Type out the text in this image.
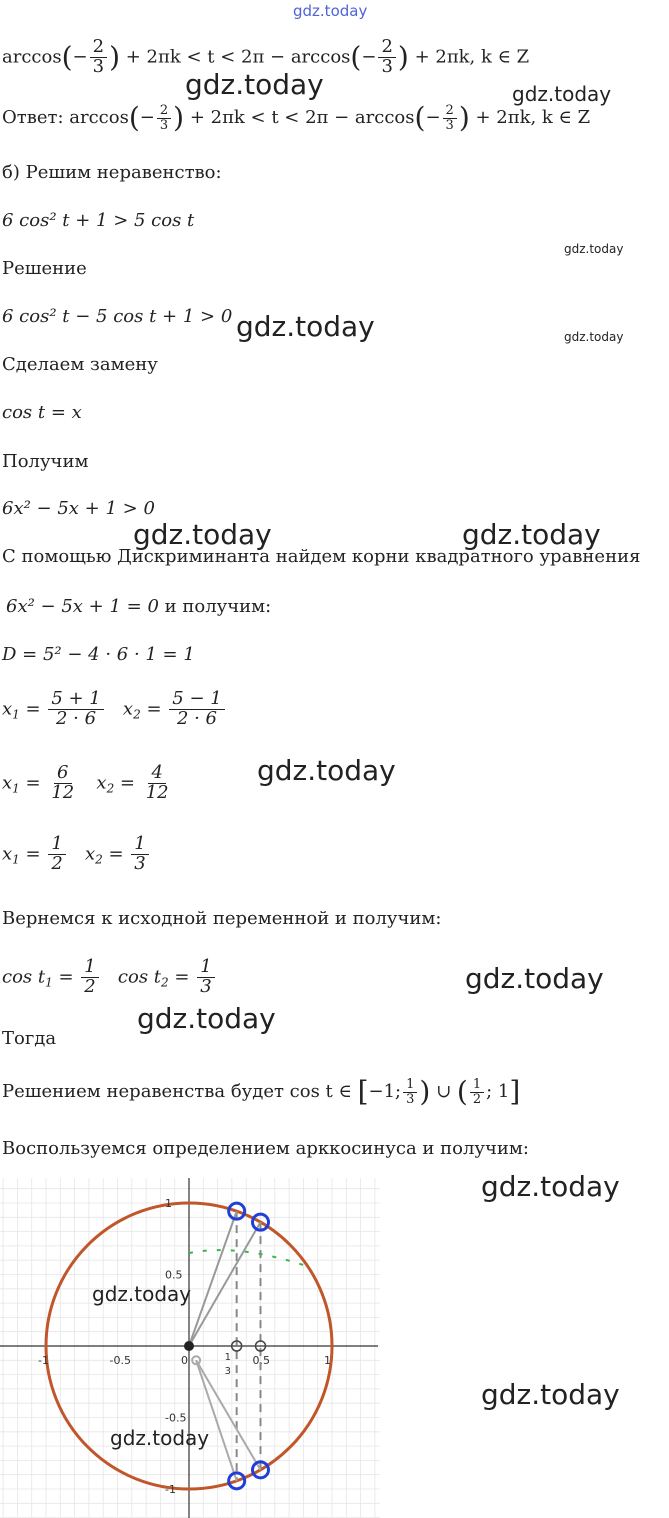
gdz.today
$\arccos(- \frac{2}{3}$ ) + $2\pi k < t < 2\pi - \arccos(- \frac{2}{3}$ ) + 2πk, k ∈ Z
gdz.today	gdz.today
Ответ: $\arccos(- \frac{2}{3}$ ) + $2\pi k < t < 2\pi - \arccos(- \frac{2}{3}$ ) + 2πk, k ∈ Z
б) Решим неравенство:
6 cos² t + 1 > 5 cos t
gdz.today
Решение
6 cos² t − 5 cos t + 1 > 0 gdz.today	gdz.today
Сделаем замену
cos t = x
Получим
6x² − 5x + 1 > 0
gdz.today	gdz.today
С помощью Дискриминанта найдем корни квадратного уравнения
6x² − 5x + 1 = 0 и получим:
D = 5² − 4 · 6 · 1 = 1
$x_1 = \frac{5 + 1}{2 \cdot 6} x_2 = \frac{5 - 1}{2 \cdot 6}$
gdz.today
$x_1 = \frac{6}{12} x_2 = \frac{4}{12}$
$x_1 = \frac{1}{2} x_2 = \frac{1}{3}$
Вернемся к исходной переменной и получим:
$\cos t_1 = \frac{1}{2}$ $\cos t_2 = \frac{1}{3}$	gdz.today
gdz.today
Тогда
Решением неравенства будет cos t ∈ [−1; $\frac{1}{3}$ ) ∪ ( $\frac{1}{2}$ ; 1]
Воспользуемся определением арккосинуса и получим:
gdz.today
gdz.today
-1	-0.5	0	0.5	1
1
0.5
-0.5
-1
1
3
gdz.today
gdz.today
